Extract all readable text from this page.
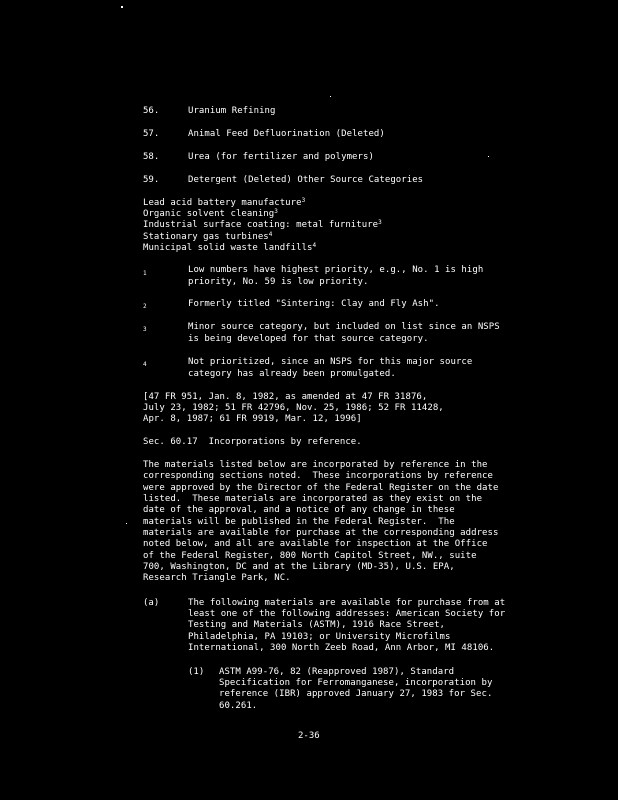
56.	Uranium Refining
57.	Animal Feed Defluorination (Deleted)
58.	Urea (for fertilizer and polymers)
59.	Detergent (Deleted) Other Source Categories
Lead acid battery manufacture$^3$
Organic solvent cleaning$^3$
Industrial surface coating: metal furniture$^3$
Stationary gas turbines$^4$
Municipal solid waste landfills$^4$
1	Low numbers have highest priority, e.g., No. 1 is high
priority, No. 59 is low priority.
2	Formerly titled "Sintering: Clay and Fly Ash".
3	Minor source category, but included on list since an NSPS
is being developed for that source category.
4	Not prioritized, since an NSPS for this major source
category has already been promulgated.
[47 FR 951, Jan. 8, 1982, as amended at 47 FR 31876,
July 23, 1982; 51 FR 42796, Nov. 25, 1986; 52 FR 11428,
Apr. 8, 1987; 61 FR 9919, Mar. 12, 1996]
Sec. 60.17  Incorporations by reference.
The materials listed below are incorporated by reference in the
corresponding sections noted.  These incorporations by reference
were approved by the Director of the Federal Register on the date
listed.  These materials are incorporated as they exist on the
date of the approval, and a notice of any change in these
materials will be published in the Federal Register.  The
materials are available for purchase at the corresponding address
noted below, and all are available for inspection at the Office
of the Federal Register, 800 North Capitol Street, NW., suite
700, Washington, DC and at the Library (MD-35), U.S. EPA,
Research Triangle Park, NC.
(a)	The following materials are available for purchase from at
least one of the following addresses: American Society for
Testing and Materials (ASTM), 1916 Race Street,
Philadelphia, PA 19103; or University Microfilms
International, 300 North Zeeb Road, Ann Arbor, MI 48106.
(1) ASTM A99-76, 82 (Reapproved 1987), Standard
Specification for Ferromanganese, incorporation by
reference (IBR) approved January 27, 1983 for Sec.
60.261.
2-36
